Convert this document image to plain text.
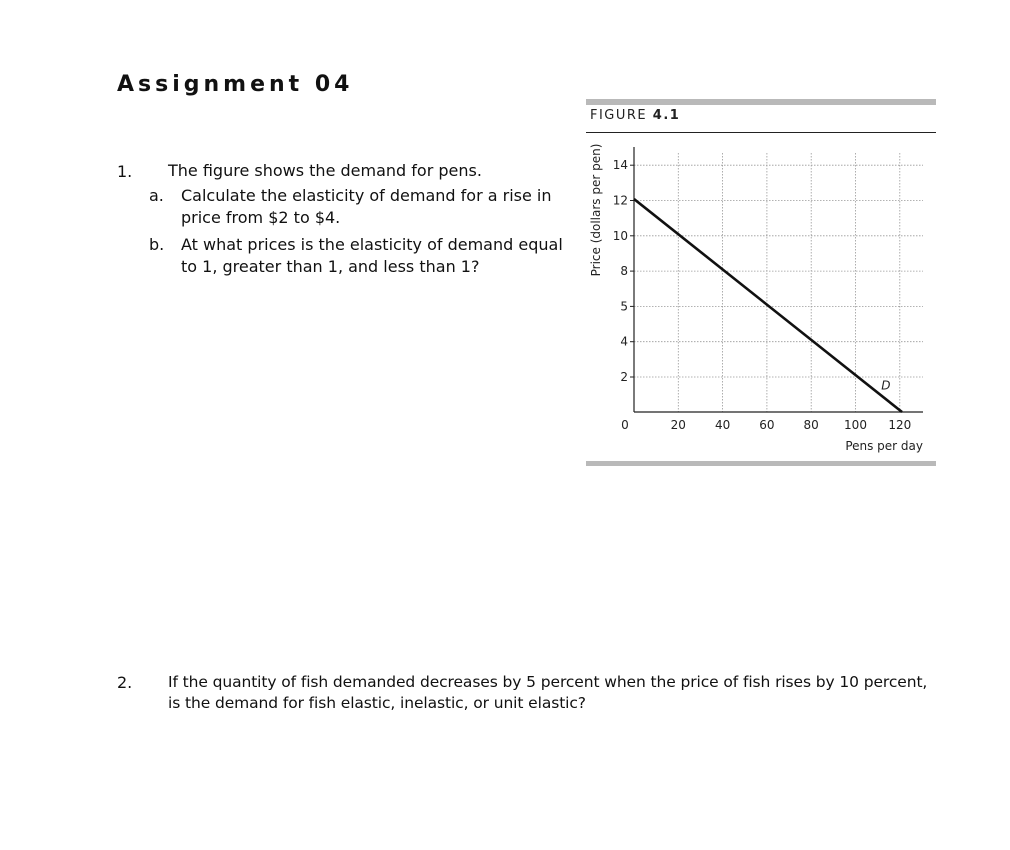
Assignment 04
1. The figure shows the demand for pens.
a. Calculate the elasticity of demand for a rise in
price from $2 to $4.
b. At what prices is the elasticity of demand equal
to 1, greater than 1, and less than 1?
FIGURE 4.1
2
4
5
8
10
12
14
20 40 60 80 100 120
0
Price (dollars per pen)
Pens per day
D
2. If the quantity of fish demanded decreases by 5 percent when the price of fish rises by 10 percent,
is the demand for fish elastic, inelastic, or unit elastic?
